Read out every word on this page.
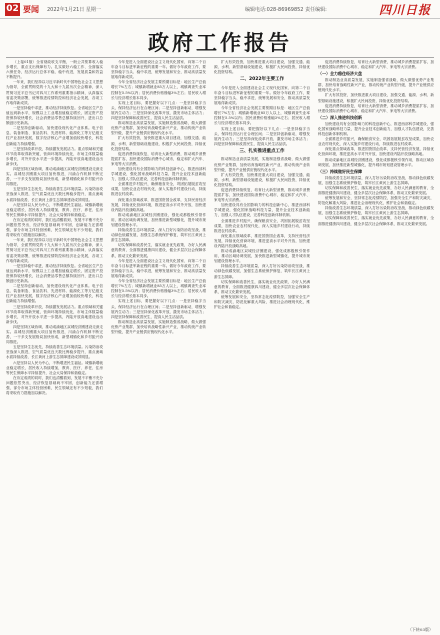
02 要闻 2022年1月21日 星期一	编辑电话:028-86969852 责任编辑:	四川日报
政府工作报告

（上接01版）全省财政收支平衡，一般公共预算收入稳步增长，重点支出保障有力。扎实做好六稳工作、全面落实六保任务，经济运行总体平稳、稳中有进，发展质量和效益不断提升。

一年来，我们坚持以习近平新时代中国特色社会主义思想为指导，全面贯彻党的十九大和十九届历次全会精神，深入贯彻习近平总书记对四川工作系列重要指示精神，认真落实省委决策部署，统筹推进疫情防控和经济社会发展，各项工作取得新成效。

一是坚持稳中求进，推动经济持续恢复。全省地区生产总值达到新水平，规模以上工业增加值稳定增长，固定资产投资保持较快增长，社会消费品零售总额持续回升，进出口总额创历史新高。

二是坚持创新驱动，加快建设现代化产业体系。电子信息、装备制造、食品饮料、先进材料、能源化工等万亿级支柱产业加快发展，数字经济核心产业增加值较快增长，科技创新能力持续增强。

三是坚持改革开放，持续激发发展活力。重点领域和关键环节改革取得新突破，营商环境持续优化，市场主体数量稳步增长，对外开放水平进一步提高，内陆开放高地建设迈出新步伐。

四是坚持区域协调，推动成渝地区双城经济圈建设走深走实。双城经济圈重大项目加快推进，川渝合作机制不断完善，一干多支发展格局加快形成，新型城镇化和乡村振兴协同推进。

五是坚持生态优先，持续改善生态环境质量。污染防治攻坚战深入推进，空气质量优良天数比例稳步提升，重点流域水质持续改善，长江黄河上游生态屏障建设成效明显。

六是坚持以人民为中心，不断增进民生福祉。城镇新增就业稳定增长，居民收入持续增加，教育、医疗、养老、住房等民生保障水平持续提升，社会大局保持和谐稳定。

在肯定成绩的同时，我们也清醒看到，发展不平衡不充分问题依然突出，经济恢复基础尚不牢固，创新能力还需增强，部分市场主体经营困难，民生领域还有不少短板，我们将采取有力措施加以解决。

一年来，我们坚持以习近平新时代中国特色社会主义思想为指导，全面贯彻党的十九大和十九届历次全会精神，深入贯彻习近平总书记对四川工作系列重要指示精神，认真落实省委决策部署，统筹推进疫情防控和经济社会发展，各项工作取得新成效。

一是坚持稳中求进，推动经济持续恢复。全省地区生产总值达到新水平，规模以上工业增加值稳定增长，固定资产投资保持较快增长，社会消费品零售总额持续回升，进出口总额创历史新高。

二是坚持创新驱动，加快建设现代化产业体系。电子信息、装备制造、食品饮料、先进材料、能源化工等万亿级支柱产业加快发展，数字经济核心产业增加值较快增长，科技创新能力持续增强。

三是坚持改革开放，持续激发发展活力。重点领域和关键环节改革取得新突破，营商环境持续优化，市场主体数量稳步增长，对外开放水平进一步提高，内陆开放高地建设迈出新步伐。

四是坚持区域协调，推动成渝地区双城经济圈建设走深走实。双城经济圈重大项目加快推进，川渝合作机制不断完善，一干多支发展格局加快形成，新型城镇化和乡村振兴协同推进。

五是坚持生态优先，持续改善生态环境质量。污染防治攻坚战深入推进，空气质量优良天数比例稳步提升，重点流域水质持续改善，长江黄河上游生态屏障建设成效明显。

六是坚持以人民为中心，不断增进民生福祉。城镇新增就业稳定增长，居民收入持续增加，教育、医疗、养老、住房等民生保障水平持续提升，社会大局保持和谐稳定。

在肯定成绩的同时，我们也清醒看到，发展不平衡不充分问题依然突出，经济恢复基础尚不牢固，创新能力还需增强，部分市场主体经营困难，民生领域还有不少短板，我们将采取有力措施加以解决。

今年是进入全面建设社会主义现代化国家、向第二个百年奋斗目标进军新征程的重要一年。做好今年政府工作，要坚持稳字当头、稳中求进，统筹发展和安全，推动高质量发展取得新成效。

今年全省经济社会发展主要预期目标是：地区生产总值增长7%左右；城镇新增就业85万人以上，城镇调查失业率控制在5.5%以内；居民消费价格涨幅3%左右；居民收入增长与经济增长基本同步。

实现上述目标，要把握好以下几点：一是坚持稳字当头，保持经济运行在合理区间；二是坚持创新驱动，增强发展内生动力；三是坚持深化改革开放，激发市场主体活力；四是坚持保障和改善民生，提高人民生活品质。

推动制造业高质量发展，实施制造强省战略，做大做强优势产业集群，加快培育战略性新兴产业，推动传统产业转型升级，提升产业链供应链现代化水平。

扩大有效投资，加快推进重大项目建设，加强交通、能源、水利、新型基础设施建设，积极扩大民间投资，持续优化投资结构。

促进消费持续恢复，培育壮大新型消费，推动城乡消费提质扩容，加快建设国际消费中心城市，稳定和扩大汽车、家电等大宗消费。

加快建设具有全国影响力的科技创新中心，推进西部科学城建设，强化国家战略科技力量，提升企业技术创新能力，加强人才队伍建设，完善科技创新体制机制。

全面推进乡村振兴，确保粮食安全，巩固拓展脱贫攻坚成果，加快农业农村现代化，深入实施乡村建设行动，持续推进农村改革。

深化重点领域改革，推进国资国企改革，支持民营经济发展，持续优化营商环境，推进更高水平对外开放，加快建设内陆开放战略高地。

推动成渝地区双城经济圈建设，强化成都极核引领作用，推动区域协调发展，加快推进新型城镇化，提升城市规划建设管理水平。

持续改善生态环境质量，深入打好污染防治攻坚战，推动绿色低碳发展，加强生态系统保护修复，筑牢长江黄河上游生态屏障。

切实保障和改善民生，落实就业优先政策，办好人民满意的教育，全面推进健康四川建设，健全多层次社会保障体系，推动文化繁荣发展。

今年是进入全面建设社会主义现代化国家、向第二个百年奋斗目标进军新征程的重要一年。做好今年政府工作，要坚持稳字当头、稳中求进，统筹发展和安全，推动高质量发展取得新成效。

今年全省经济社会发展主要预期目标是：地区生产总值增长7%左右；城镇新增就业85万人以上，城镇调查失业率控制在5.5%以内；居民消费价格涨幅3%左右；居民收入增长与经济增长基本同步。

实现上述目标，要把握好以下几点：一是坚持稳字当头，保持经济运行在合理区间；二是坚持创新驱动，增强发展内生动力；三是坚持深化改革开放，激发市场主体活力；四是坚持保障和改善民生，提高人民生活品质。

推动制造业高质量发展，实施制造强省战略，做大做强优势产业集群，加快培育战略性新兴产业，推动传统产业转型升级，提升产业链供应链现代化水平。

扩大有效投资，加快推进重大项目建设，加强交通、能源、水利、新型基础设施建设，积极扩大民间投资，持续优化投资结构。

二、2022年主要工作

今年是进入全面建设社会主义现代化国家、向第二个百年奋斗目标进军新征程的重要一年。做好今年政府工作，要坚持稳字当头、稳中求进，统筹发展和安全，推动高质量发展取得新成效。

今年全省经济社会发展主要预期目标是：地区生产总值增长7%左右；城镇新增就业85万人以上，城镇调查失业率控制在5.5%以内；居民消费价格涨幅3%左右；居民收入增长与经济增长基本同步。

实现上述目标，要把握好以下几点：一是坚持稳字当头，保持经济运行在合理区间；二是坚持创新驱动，增强发展内生动力；三是坚持深化改革开放，激发市场主体活力；四是坚持保障和改善民生，提高人民生活品质。

三、扎实推进重点工作

推动制造业高质量发展，实施制造强省战略，做大做强优势产业集群，加快培育战略性新兴产业，推动传统产业转型升级，提升产业链供应链现代化水平。

扩大有效投资，加快推进重大项目建设，加强交通、能源、水利、新型基础设施建设，积极扩大民间投资，持续优化投资结构。

促进消费持续恢复，培育壮大新型消费，推动城乡消费提质扩容，加快建设国际消费中心城市，稳定和扩大汽车、家电等大宗消费。

加快建设具有全国影响力的科技创新中心，推进西部科学城建设，强化国家战略科技力量，提升企业技术创新能力，加强人才队伍建设，完善科技创新体制机制。

全面推进乡村振兴，确保粮食安全，巩固拓展脱贫攻坚成果，加快农业农村现代化，深入实施乡村建设行动，持续推进农村改革。

深化重点领域改革，推进国资国企改革，支持民营经济发展，持续优化营商环境，推进更高水平对外开放，加快建设内陆开放战略高地。

推动成渝地区双城经济圈建设，强化成都极核引领作用，推动区域协调发展，加快推进新型城镇化，提升城市规划建设管理水平。

持续改善生态环境质量，深入打好污染防治攻坚战，推动绿色低碳发展，加强生态系统保护修复，筑牢长江黄河上游生态屏障。

切实保障和改善民生，落实就业优先政策，办好人民满意的教育，全面推进健康四川建设，健全多层次社会保障体系，推动文化繁荣发展。

统筹发展和安全，坚持常态化疫情防控，加强安全生产和防灾减灾，防范化解重大风险，推进社会治理现代化，维护社会和谐稳定。

促进消费持续恢复，培育壮大新型消费，推动城乡消费提质扩容，加快建设国际消费中心城市，稳定和扩大汽车、家电等大宗消费。

（一）全力稳住经济大盘

推动制造业高质量发展，实施制造强省战略，做大做强优势产业集群，加快培育战略性新兴产业，推动传统产业转型升级，提升产业链供应链现代化水平。

扩大有效投资，加快推进重大项目建设，加强交通、能源、水利、新型基础设施建设，积极扩大民间投资，持续优化投资结构。

促进消费持续恢复，培育壮大新型消费，推动城乡消费提质扩容，加快建设国际消费中心城市，稳定和扩大汽车、家电等大宗消费。

（二）深入推进科技创新

加快建设具有全国影响力的科技创新中心，推进西部科学城建设，强化国家战略科技力量，提升企业技术创新能力，加强人才队伍建设，完善科技创新体制机制。

全面推进乡村振兴，确保粮食安全，巩固拓展脱贫攻坚成果，加快农业农村现代化，深入实施乡村建设行动，持续推进农村改革。

深化重点领域改革，推进国资国企改革，支持民营经济发展，持续优化营商环境，推进更高水平对外开放，加快建设内陆开放战略高地。

推动成渝地区双城经济圈建设，强化成都极核引领作用，推动区域协调发展，加快推进新型城镇化，提升城市规划建设管理水平。

（三）持续做好民生保障

持续改善生态环境质量，深入打好污染防治攻坚战，推动绿色低碳发展，加强生态系统保护修复，筑牢长江黄河上游生态屏障。

切实保障和改善民生，落实就业优先政策，办好人民满意的教育，全面推进健康四川建设，健全多层次社会保障体系，推动文化繁荣发展。

统筹发展和安全，坚持常态化疫情防控，加强安全生产和防灾减灾，防范化解重大风险，推进社会治理现代化，维护社会和谐稳定。

持续改善生态环境质量，深入打好污染防治攻坚战，推动绿色低碳发展，加强生态系统保护修复，筑牢长江黄河上游生态屏障。

切实保障和改善民生，落实就业优先政策，办好人民满意的教育，全面推进健康四川建设，健全多层次社会保障体系，推动文化繁荣发展。

（下转03版）
